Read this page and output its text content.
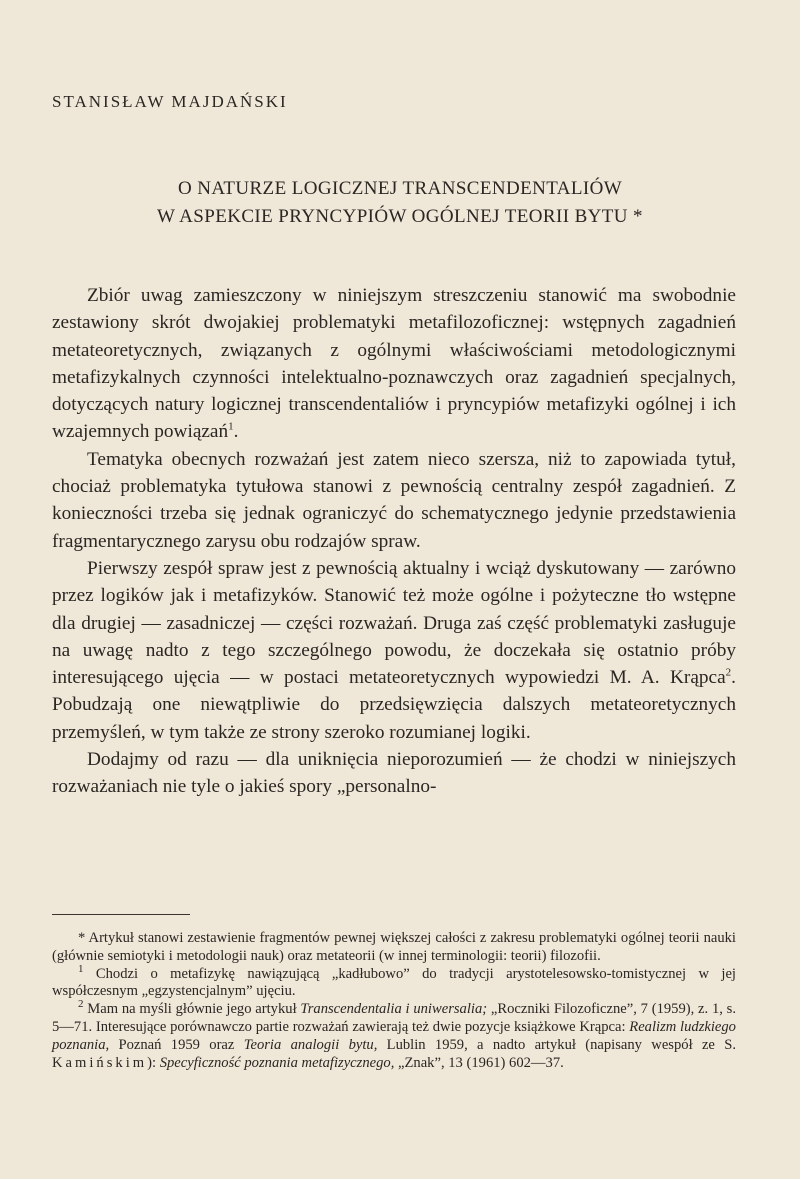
STANISŁAW MAJDAŃSKI
O NATURZE LOGICZNEJ TRANSCENDENTALIÓW
W ASPEKCIE PRYNCYPIÓW OGÓLNEJ TEORII BYTU *

Zbiór uwag zamieszczony w niniejszym streszczeniu stanowić ma swobodnie zestawiony skrót dwojakiej problematyki metafilozoficznej: wstępnych zagadnień metateoretycznych, związanych z ogólnymi właściwościami metodologicznymi metafizykalnych czynności intelektualno-poznawczych oraz zagadnień specjalnych, dotyczących natury logicznej transcendentaliów i pryncypiów metafizyki ogólnej i ich wzajemnych powiązań$^1$.

Tematyka obecnych rozważań jest zatem nieco szersza, niż to zapowiada tytuł, chociaż problematyka tytułowa stanowi z pewnością centralny zespół zagadnień. Z konieczności trzeba się jednak ograniczyć do schematycznego jedynie przedstawienia fragmentarycznego zarysu obu rodzajów spraw.

Pierwszy zespół spraw jest z pewnością aktualny i wciąż dyskutowany — zarówno przez logików jak i metafizyków. Stanowić też może ogólne i pożyteczne tło wstępne dla drugiej — zasadniczej — części rozważań. Druga zaś część problematyki zasługuje na uwagę nadto z tego szczególnego powodu, że doczekała się ostatnio próby interesującego ujęcia — w postaci metateoretycznych wypowiedzi M. A. Krąpca$^2$. Pobudzają one niewątpliwie do przedsięwzięcia dalszych metateoretycznych przemyśleń, w tym także ze strony szeroko rozumianej logiki.

Dodajmy od razu — dla uniknięcia nieporozumień — że chodzi w niniejszych rozważaniach nie tyle o jakieś spory „personalno-

* Artykuł stanowi zestawienie fragmentów pewnej większej całości z zakresu problematyki ogólnej teorii nauki (głównie semiotyki i metodologii nauk) oraz metateorii (w innej terminologii: teorii) filozofii.

$^1$ Chodzi o metafizykę nawiązującą „kadłubowo” do tradycji arystotelesowsko-tomistycznej w jej współczesnym „egzystencjalnym” ujęciu.

$^2$ Mam na myśli głównie jego artykuł Transcendentalia i uniwersalia; „Roczniki Filozoficzne”, 7 (1959), z. 1, s. 5—71. Interesujące porównawczo partie rozważań zawierają też dwie pozycje książkowe Krąpca: Realizm ludzkiego poznania, Poznań 1959 oraz Teoria analogii bytu, Lublin 1959, a nadto artykuł (napisany wespół ze S. Kamińskim): Specyficzność poznania metafizycznego, „Znak”, 13 (1961) 602—37.
